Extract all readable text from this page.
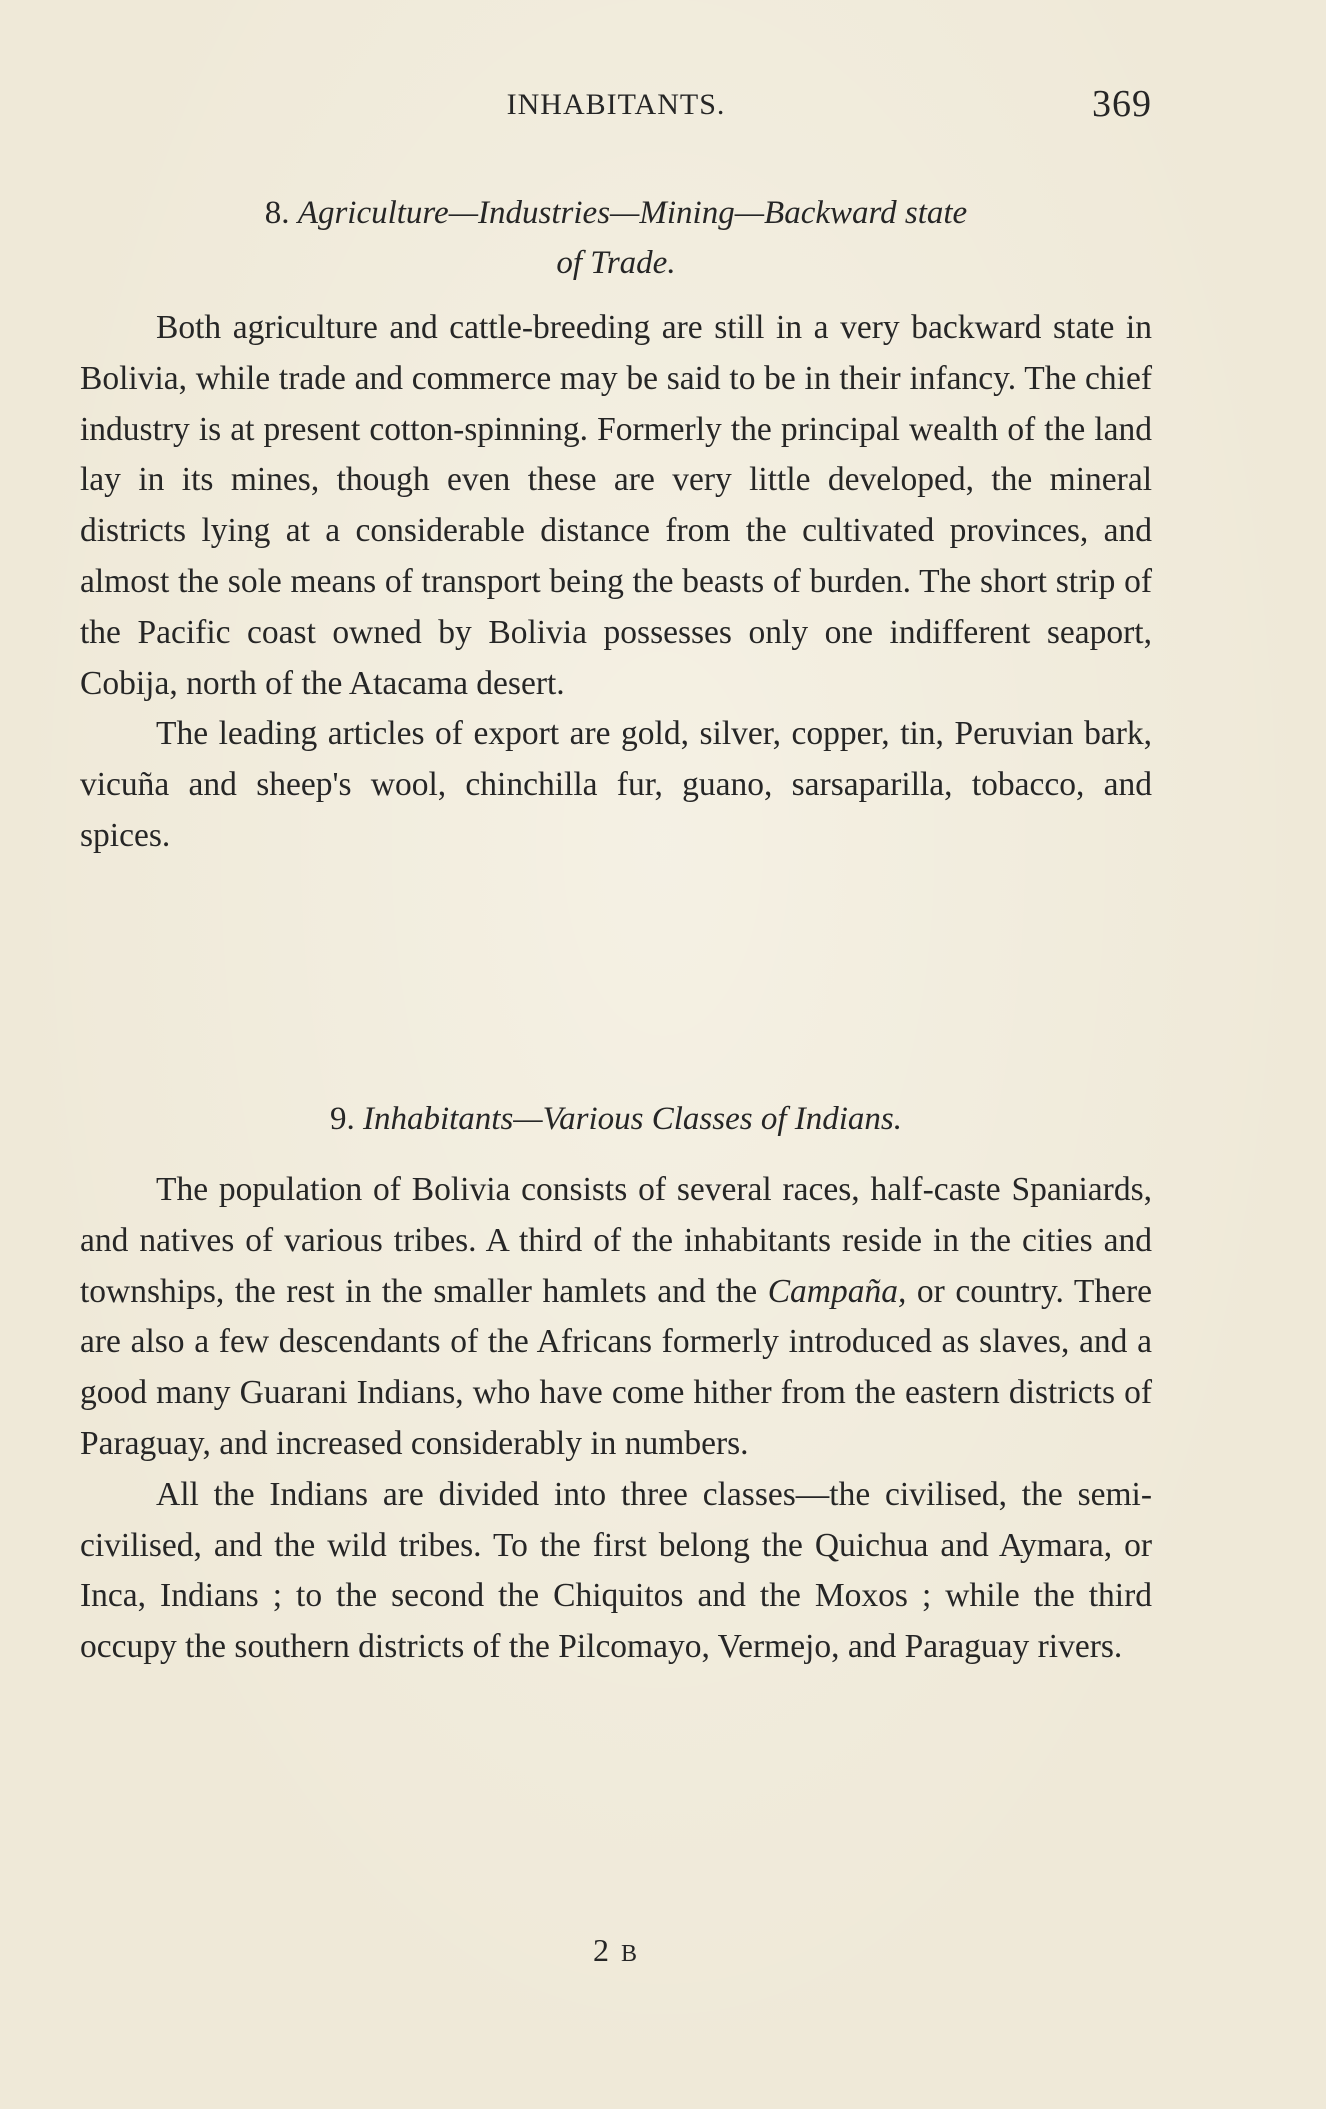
INHABITANTS.	369
8. Agriculture—Industries—Mining—Backward state
of Trade.

Both agriculture and cattle-breeding are still in a very backward state in Bolivia, while trade and commerce may be said to be in their infancy. The chief industry is at present cotton-spinning. Formerly the principal wealth of the land lay in its mines, though even these are very little developed, the mineral districts lying at a considerable distance from the cultivated provinces, and almost the sole means of transport being the beasts of burden. The short strip of the Pacific coast owned by Bolivia possesses only one indifferent seaport, Cobija, north of the Atacama desert.

The leading articles of export are gold, silver, copper, tin, Peruvian bark, vicuña and sheep's wool, chinchilla fur, guano, sarsaparilla, tobacco, and spices.

9. Inhabitants—Various Classes of Indians.

The population of Bolivia consists of several races, half-caste Spaniards, and natives of various tribes. A third of the inhabitants reside in the cities and townships, the rest in the smaller hamlets and the Campaña, or country. There are also a few descendants of the Africans formerly introduced as slaves, and a good many Guarani Indians, who have come hither from the eastern districts of Paraguay, and increased considerably in numbers.

All the Indians are divided into three classes—the civilised, the semi-civilised, and the wild tribes. To the first belong the Quichua and Aymara, or Inca, Indians ; to the second the Chiquitos and the Moxos ; while the third occupy the southern districts of the Pilcomayo, Vermejo, and Paraguay rivers.

2 B
